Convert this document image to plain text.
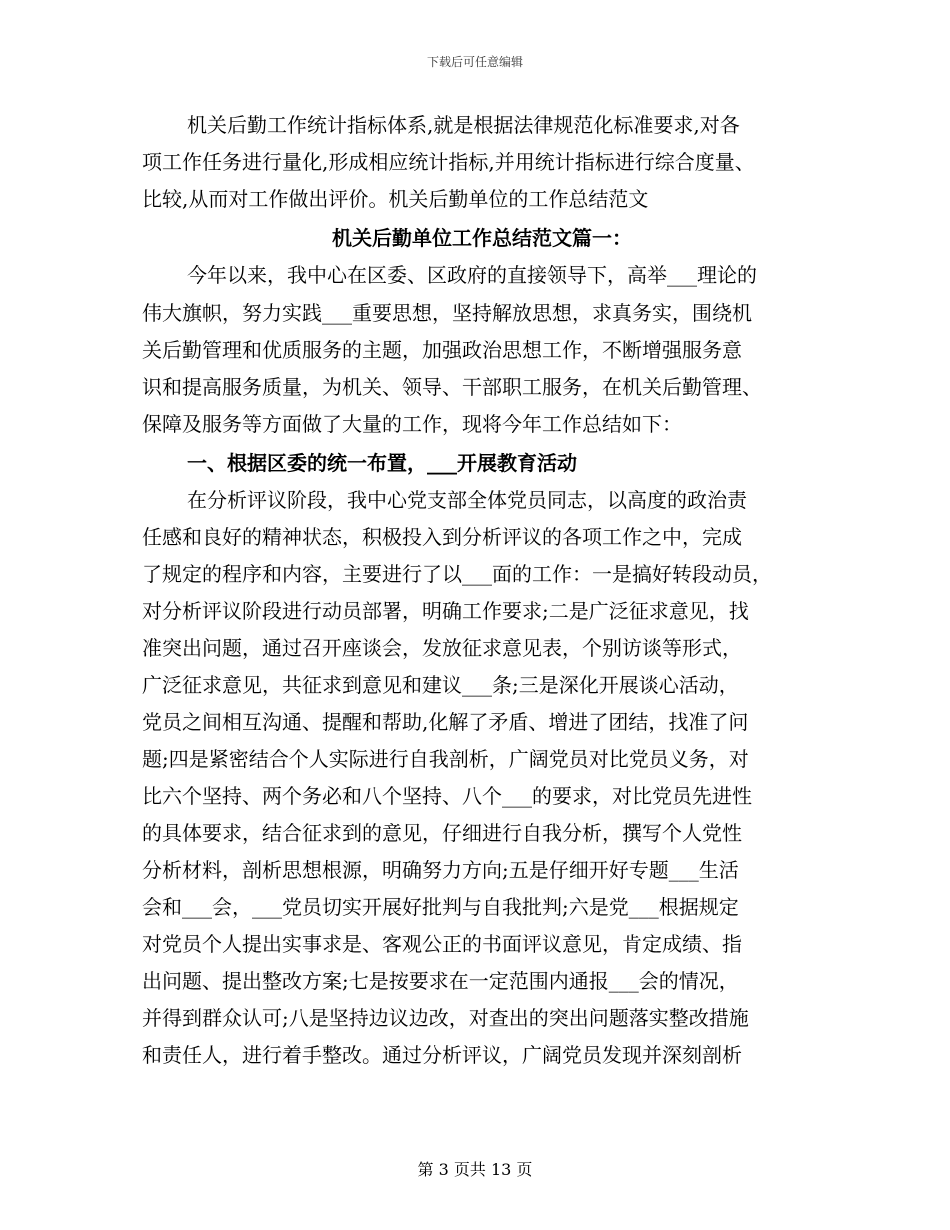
下载后可任意编辑
机关后勤工作统计指标体系,就是根据法律规范化标准要求,对各
项工作任务进行量化,形成相应统计指标,并用统计指标进行综合度量、
比较,从而对工作做出评价。机关后勤单位的工作总结范文
机关后勤单位工作总结范文篇一：
今年以来，我中心在区委、区政府的直接领导下，高举___理论的
伟大旗帜，努力实践___重要思想，坚持解放思想，求真务实，围绕机
关后勤管理和优质服务的主题，加强政治思想工作，不断增强服务意
识和提高服务质量，为机关、领导、干部职工服务，在机关后勤管理、
保障及服务等方面做了大量的工作，现将今年工作总结如下：
一、根据区委的统一布置，___开展教育活动
在分析评议阶段，我中心党支部全体党员同志，以高度的政治责
任感和良好的精神状态，积极投入到分析评议的各项工作之中，完成
了规定的程序和内容，主要进行了以___面的工作：一是搞好转段动员，
对分析评议阶段进行动员部署，明确工作要求;二是广泛征求意见，找
准突出问题，通过召开座谈会，发放征求意见表，个别访谈等形式，
广泛征求意见，共征求到意见和建议___条;三是深化开展谈心活动，
党员之间相互沟通、提醒和帮助,化解了矛盾、增进了团结，找准了问
题;四是紧密结合个人实际进行自我剖析，广阔党员对比党员义务，对
比六个坚持、两个务必和八个坚持、八个___的要求，对比党员先进性
的具体要求，结合征求到的意见，仔细进行自我分析，撰写个人党性
分析材料，剖析思想根源，明确努力方向;五是仔细开好专题___生活
会和___会，___党员切实开展好批判与自我批判;六是党___根据规定
对党员个人提出实事求是、客观公正的书面评议意见，肯定成绩、指
出问题、提出整改方案;七是按要求在一定范围内通报___会的情况，
并得到群众认可;八是坚持边议边改，对查出的突出问题落实整改措施
和责任人，进行着手整改。通过分析评议，广阔党员发现并深刻剖析
第 3 页共 13 页
